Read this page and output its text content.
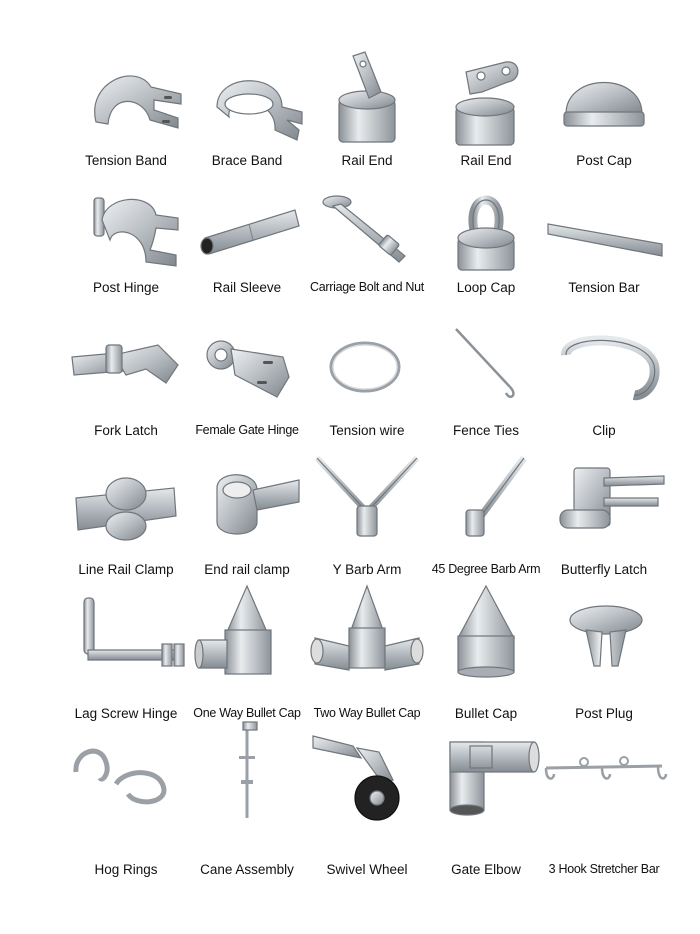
Tension Band	Brace Band	Rail End	Rail End	Post Cap
Post Hinge	Rail Sleeve	Carriage Bolt and Nut	Loop Cap	Tension Bar
Fork Latch	Female Gate Hinge	Tension wire	Fence Ties	Clip
Line Rail Clamp	End rail clamp	Y Barb Arm	45 Degree Barb Arm	Butterfly Latch
Lag Screw Hinge	One Way Bullet Cap	Two Way Bullet Cap	Bullet Cap	Post Plug
Hog Rings	Cane Assembly	Swivel Wheel	Gate Elbow	3 Hook Stretcher Bar
